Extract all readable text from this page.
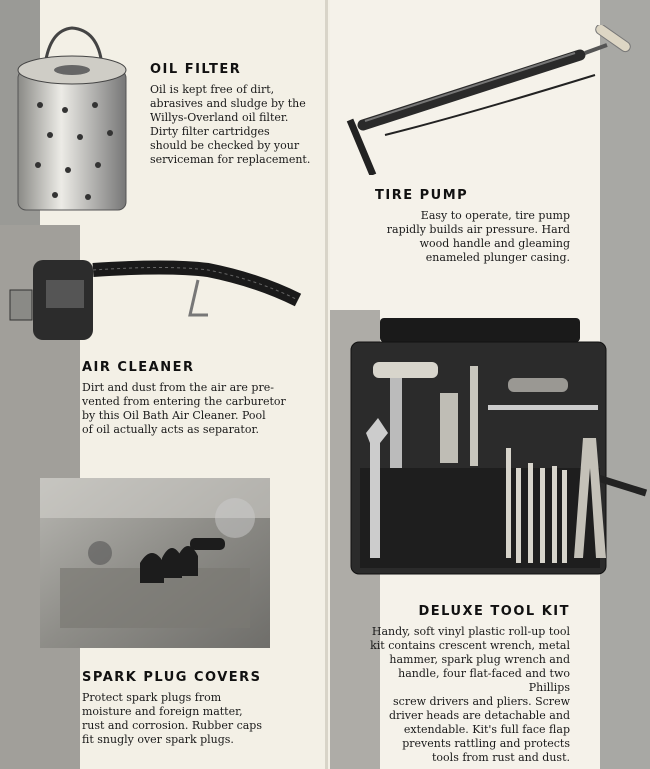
OIL FILTER

Oil is kept free of dirt,

abrasives and sludge by the

Willys-Overland oil filter.

Dirty filter cartridges

should be checked by your

serviceman for replacement.

TIRE PUMP

Easy to operate, tire pump

rapidly builds air pressure. Hard

wood handle and gleaming

enameled plunger casing.

AIR CLEANER

Dirt and dust from the air are pre-

vented from entering the carburetor

by this Oil Bath Air Cleaner. Pool

of oil actually acts as separator.

DELUXE TOOL KIT

Handy, soft vinyl plastic roll-up tool

kit contains crescent wrench, metal

hammer, spark plug wrench and

handle, four flat-faced and two Phillips

screw drivers and pliers. Screw

driver heads are detachable and

extendable. Kit's full face flap

prevents rattling and protects

tools from rust and dust.

SPARK PLUG COVERS

Protect spark plugs from

moisture and foreign matter,

rust and corrosion. Rubber caps

fit snugly over spark plugs.
